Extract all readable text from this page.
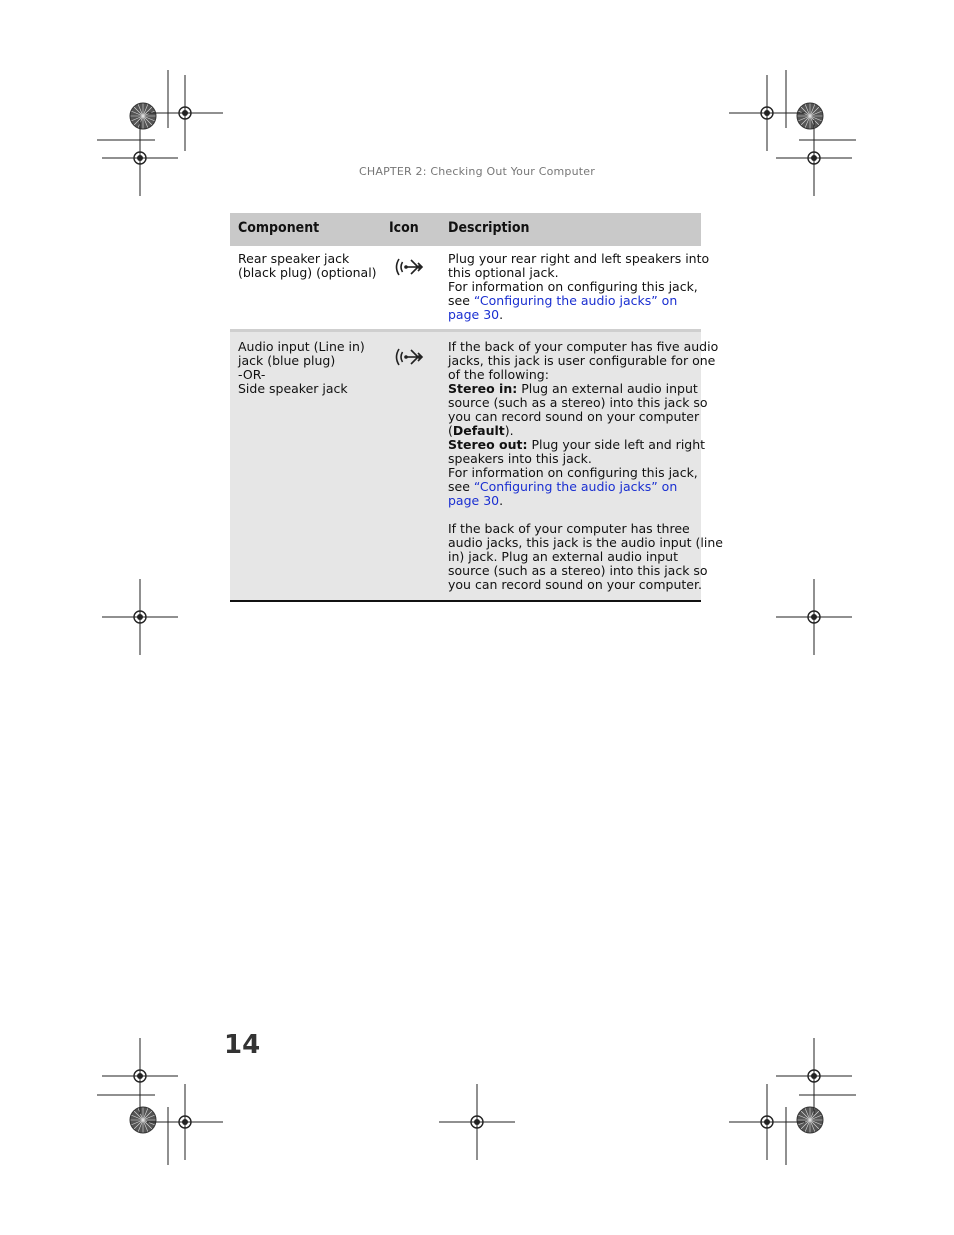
CHAPTER 2: Checking Out Your Computer
Component	Icon Description
Rear speaker jack
(black plug) (optional)
Plug your rear right and left speakers into
this optional jack.
For information on configuring this jack,
see “Configuring the audio jacks” on
page 30.
Audio input (Line in)
jack (blue plug)
-OR-
Side speaker jack
If the back of your computer has five audio
jacks, this jack is user configurable for one
of the following:
Stereo in: Plug an external audio input
source (such as a stereo) into this jack so
you can record sound on your computer
(Default).
Stereo out: Plug your side left and right
speakers into this jack.
For information on configuring this jack,
see “Configuring the audio jacks” on
page 30.
If the back of your computer has three
audio jacks, this jack is the audio input (line
in) jack. Plug an external audio input
source (such as a stereo) into this jack so
you can record sound on your computer.
14
